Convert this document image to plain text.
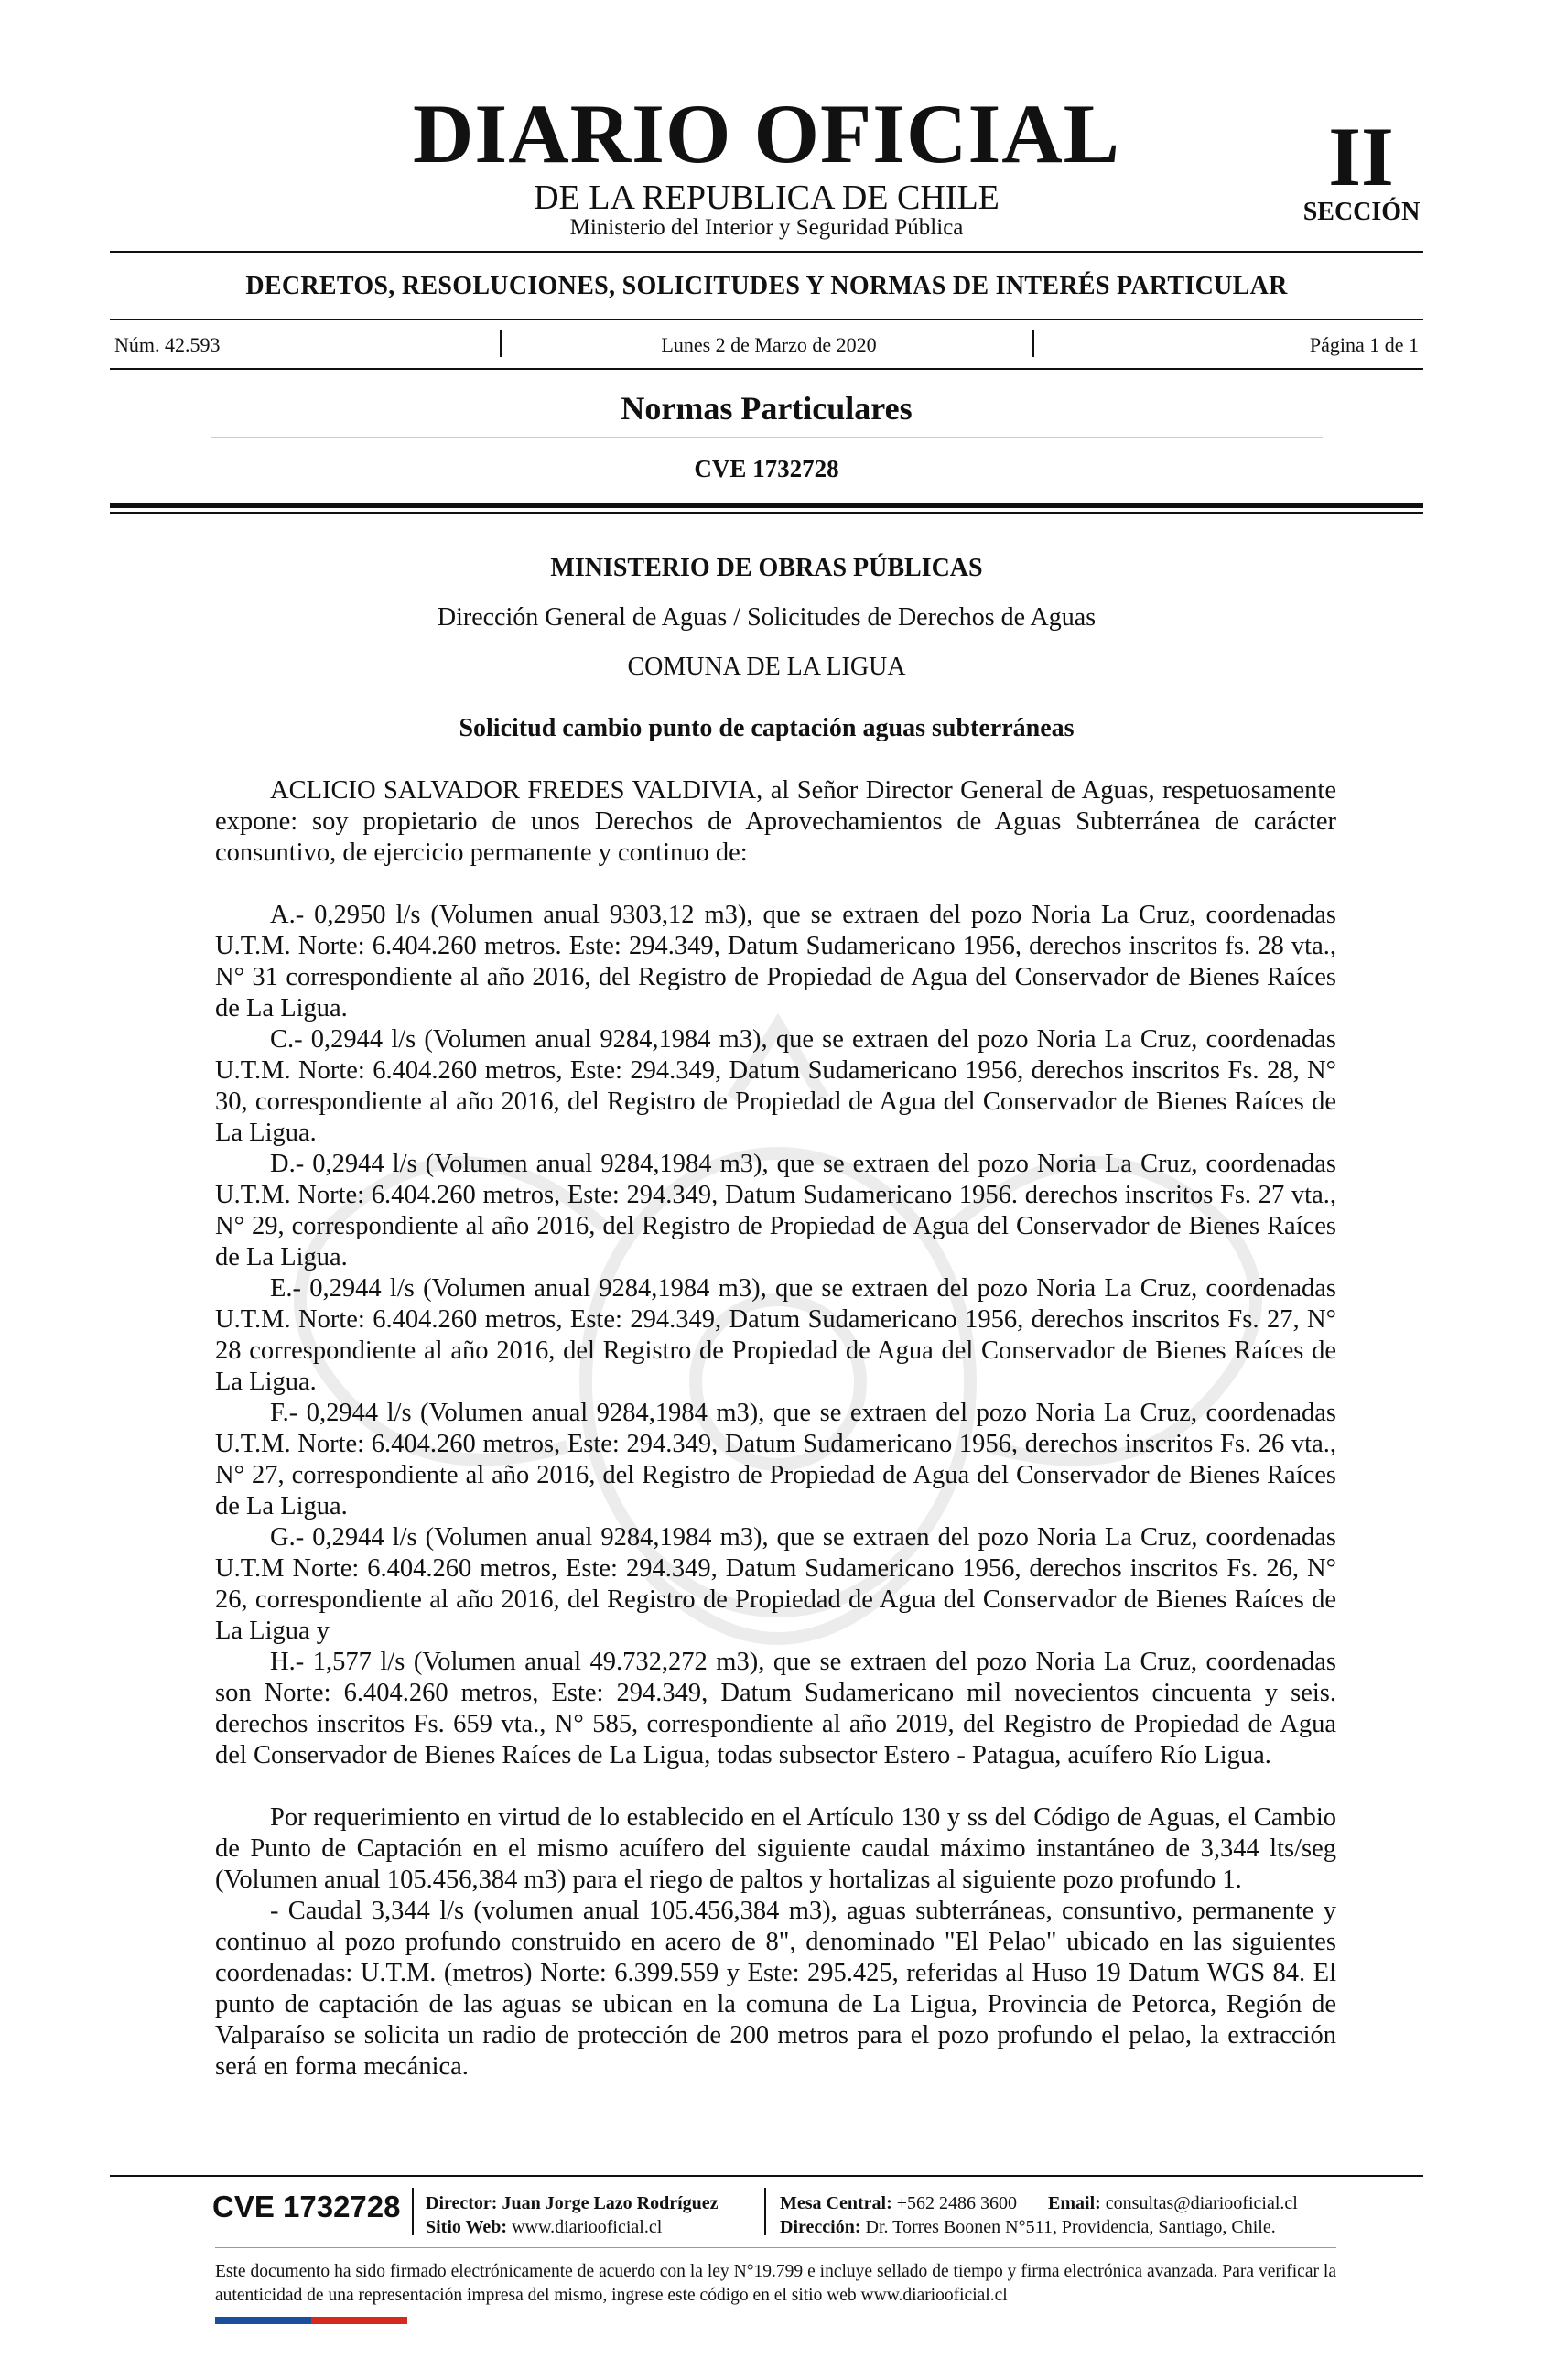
DIARIO OFICIAL
DE LA REPUBLICA DE CHILE
Ministerio del Interior y Seguridad Pública
II
SECCIÓN
DECRETOS, RESOLUCIONES, SOLICITUDES Y NORMAS DE INTERÉS PARTICULAR
Núm. 42.593	Lunes 2 de Marzo de 2020	Página 1 de 1
Normas Particulares
CVE 1732728
MINISTERIO DE OBRAS PÚBLICAS
Dirección General de Aguas / Solicitudes de Derechos de Aguas
COMUNA DE LA LIGUA
Solicitud cambio punto de captación aguas subterráneas

ACLICIO SALVADOR FREDES VALDIVIA, al Señor Director General de Aguas, respetuosamente expone: soy propietario de unos Derechos de Aprovechamientos de Aguas Subterránea de carácter consuntivo, de ejercicio permanente y continuo de:

A.- 0,2950 l/s (Volumen anual 9303,12 m3), que se extraen del pozo Noria La Cruz, coordenadas U.T.M. Norte: 6.404.260 metros. Este: 294.349, Datum Sudamericano 1956, derechos inscritos fs. 28 vta., N° 31 correspondiente al año 2016, del Registro de Propiedad de Agua del Conservador de Bienes Raíces de La Ligua.

C.- 0,2944 l/s (Volumen anual 9284,1984 m3), que se extraen del pozo Noria La Cruz, coordenadas U.T.M. Norte: 6.404.260 metros, Este: 294.349, Datum Sudamericano 1956, derechos inscritos Fs. 28, N° 30, correspondiente al año 2016, del Registro de Propiedad de Agua del Conservador de Bienes Raíces de La Ligua.

D.- 0,2944 l/s (Volumen anual 9284,1984 m3), que se extraen del pozo Noria La Cruz, coordenadas U.T.M. Norte: 6.404.260 metros, Este: 294.349, Datum Sudamericano 1956. derechos inscritos Fs. 27 vta., N° 29, correspondiente al año 2016, del Registro de Propiedad de Agua del Conservador de Bienes Raíces de La Ligua.

E.- 0,2944 l/s (Volumen anual 9284,1984 m3), que se extraen del pozo Noria La Cruz, coordenadas U.T.M. Norte: 6.404.260 metros, Este: 294.349, Datum Sudamericano 1956, derechos inscritos Fs. 27, N° 28 correspondiente al año 2016, del Registro de Propiedad de Agua del Conservador de Bienes Raíces de La Ligua.

F.- 0,2944 l/s (Volumen anual 9284,1984 m3), que se extraen del pozo Noria La Cruz, coordenadas U.T.M. Norte: 6.404.260 metros, Este: 294.349, Datum Sudamericano 1956, derechos inscritos Fs. 26 vta., N° 27, correspondiente al año 2016, del Registro de Propiedad de Agua del Conservador de Bienes Raíces de La Ligua.

G.- 0,2944 l/s (Volumen anual 9284,1984 m3), que se extraen del pozo Noria La Cruz, coordenadas U.T.M Norte: 6.404.260 metros, Este: 294.349, Datum Sudamericano 1956, derechos inscritos Fs. 26, N° 26, correspondiente al año 2016, del Registro de Propiedad de Agua del Conservador de Bienes Raíces de La Ligua y

H.- 1,577 l/s (Volumen anual 49.732,272 m3), que se extraen del pozo Noria La Cruz, coordenadas son Norte: 6.404.260 metros, Este: 294.349, Datum Sudamericano mil novecientos cincuenta y seis. derechos inscritos Fs. 659 vta., N° 585, correspondiente al año 2019, del Registro de Propiedad de Agua del Conservador de Bienes Raíces de La Ligua, todas subsector Estero - Patagua, acuífero Río Ligua.

Por requerimiento en virtud de lo establecido en el Artículo 130 y ss del Código de Aguas, el Cambio de Punto de Captación en el mismo acuífero del siguiente caudal máximo instantáneo de 3,344 lts/seg (Volumen anual 105.456,384 m3) para el riego de paltos y hortalizas al siguiente pozo profundo 1.

- Caudal 3,344 l/s (volumen anual 105.456,384 m3), aguas subterráneas, consuntivo, permanente y continuo al pozo profundo construido en acero de 8", denominado "El Pelao" ubicado en las siguientes coordenadas: U.T.M. (metros) Norte: 6.399.559 y Este: 295.425, referidas al Huso 19 Datum WGS 84. El punto de captación de las aguas se ubican en la comuna de La Ligua, Provincia de Petorca, Región de Valparaíso se solicita un radio de protección de 200 metros para el pozo profundo el pelao, la extracción será en forma mecánica.

CVE 1732728 Director: Juan Jorge Lazo Rodríguez
Sitio Web: www.diariooficial.cl
Mesa Central: +562 2486 3600 Email: consultas@diariooficial.cl
Dirección: Dr. Torres Boonen N°511, Providencia, Santiago, Chile.
Este documento ha sido firmado electrónicamente de acuerdo con la ley N°19.799 e incluye sellado de tiempo y firma electrónica avanzada. Para verificar la autenticidad de una representación impresa del mismo, ingrese este código en el sitio web www.diariooficial.cl
